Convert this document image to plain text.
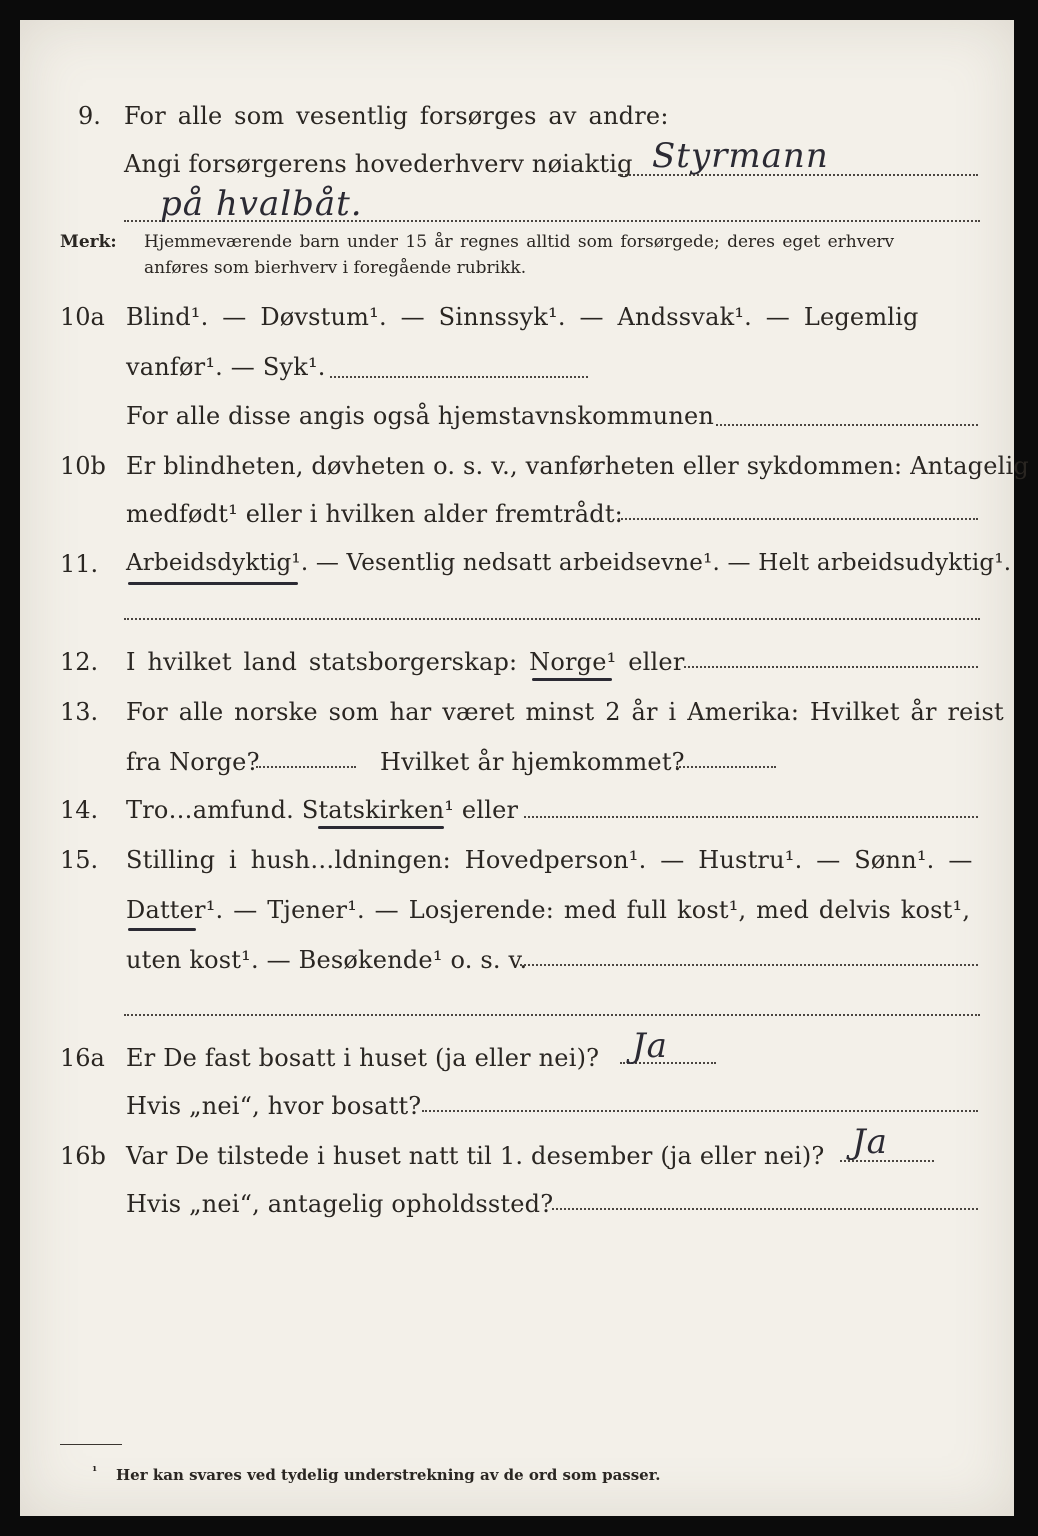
9. For alle som vesentlig forsørges av andre:
Angi forsørgerens hovederhverv nøiaktig Styrmann
på hvalbåt.
Merk: Hjemmeværende barn under 15 år regnes alltid som forsørgede; deres eget erhverv
anføres som bierhverv i foregående rubrikk.
10a Blind¹. — Døvstum¹. — Sinnssyk¹. — Andssvak¹. — Legemlig
vanfør¹. — Syk¹.
For alle disse angis også hjemstavnskommunen
10b Er blindheten, døvheten o. s. v., vanførheten eller sykdommen: Antagelig
medfødt¹ eller i hvilken alder fremtrådt:
11. Arbeidsdyktig¹. — Vesentlig nedsatt arbeidsevne¹. — Helt arbeidsudyktig¹.
12. I hvilket land statsborgerskap: Norge¹ eller
13. For alle norske som har været minst 2 år i Amerika: Hvilket år reist
fra Norge?	Hvilket år hjemkommet?
14. Tro…amfund. Statskirken¹ eller
15. Stilling i hush…ldningen: Hovedperson¹. — Hustru¹. — Sønn¹. —
Datter¹. — Tjener¹. — Losjerende: med full kost¹, med delvis kost¹,
uten kost¹. — Besøkende¹ o. s. v.
16a Er De fast bosatt i huset (ja eller nei)? Ja
Hvis „nei“, hvor bosatt?
16b Var De tilstede i huset natt til 1. desember (ja eller nei)? Ja
Hvis „nei“, antagelig opholdssted?
¹ Her kan svares ved tydelig understrekning av de ord som passer.
